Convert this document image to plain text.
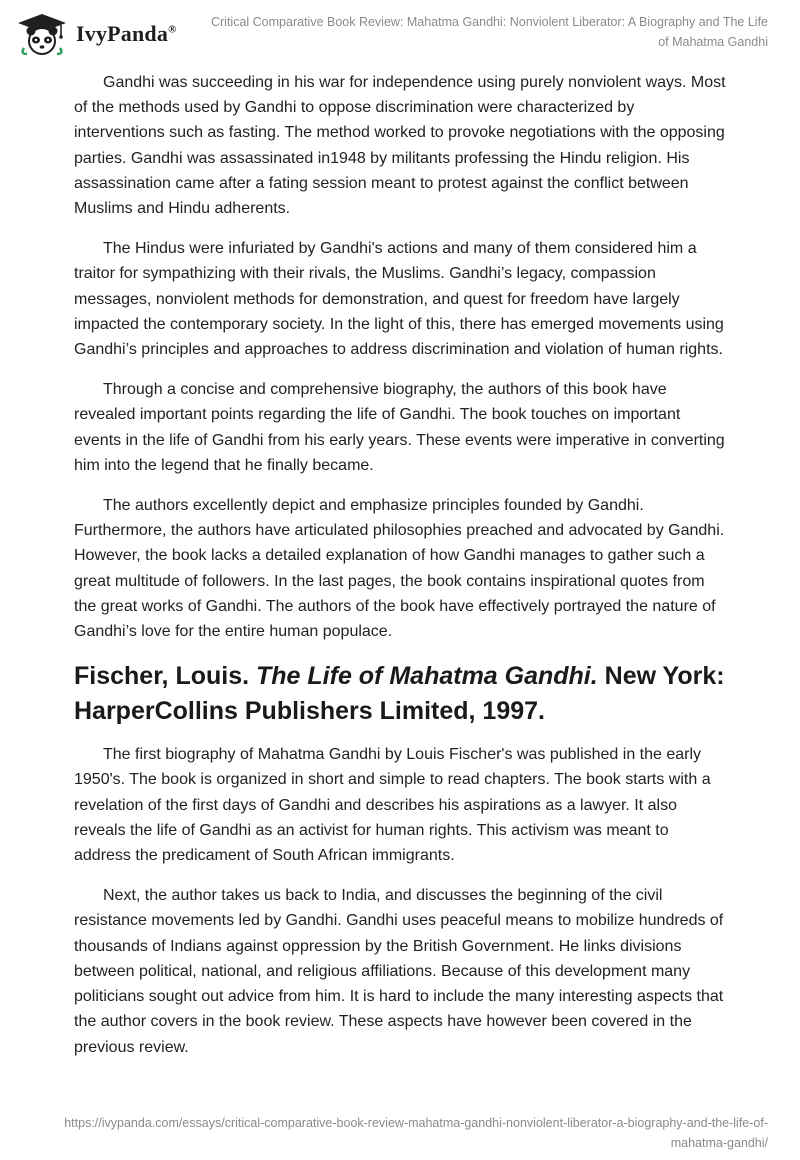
IvyPanda®
Critical Comparative Book Review: Mahatma Gandhi: Nonviolent Liberator: A Biography and The Life of Mahatma Gandhi

Gandhi was succeeding in his war for independence using purely nonviolent ways. Most of the methods used by Gandhi to oppose discrimination were characterized by interventions such as fasting. The method worked to provoke negotiations with the opposing parties. Gandhi was assassinated in1948 by militants professing the Hindu religion. His assassination came after a fating session meant to protest against the conflict between Muslims and Hindu adherents.

The Hindus were infuriated by Gandhi's actions and many of them considered him a traitor for sympathizing with their rivals, the Muslims. Gandhi’s legacy, compassion messages, nonviolent methods for demonstration, and quest for freedom have largely impacted the contemporary society. In the light of this, there has emerged movements using Gandhi’s principles and approaches to address discrimination and violation of human rights.

Through a concise and comprehensive biography, the authors of this book have revealed important points regarding the life of Gandhi. The book touches on important events in the life of Gandhi from his early years. These events were imperative in converting him into the legend that he finally became.

The authors excellently depict and emphasize principles founded by Gandhi. Furthermore, the authors have articulated philosophies preached and advocated by Gandhi. However, the book lacks a detailed explanation of how Gandhi manages to gather such a great multitude of followers. In the last pages, the book contains inspirational quotes from the great works of Gandhi. The authors of the book have effectively portrayed the nature of Gandhi’s love for the entire human populace.

Fischer, Louis. The Life of Mahatma Gandhi. New York: HarperCollins Publishers Limited, 1997.

The first biography of Mahatma Gandhi by Louis Fischer's was published in the early 1950's. The book is organized in short and simple to read chapters. The book starts with a revelation of the first days of Gandhi and describes his aspirations as a lawyer. It also reveals the life of Gandhi as an activist for human rights. This activism was meant to address the predicament of South African immigrants.

Next, the author takes us back to India, and discusses the beginning of the civil resistance movements led by Gandhi. Gandhi uses peaceful means to mobilize hundreds of thousands of Indians against oppression by the British Government. He links divisions between political, national, and religious affiliations. Because of this development many politicians sought out advice from him. It is hard to include the many interesting aspects that the author covers in the book review. These aspects have however been covered in the previous review.

https://ivypanda.com/essays/critical-comparative-book-review-mahatma-gandhi-nonviolent-liberator-a-biography-and-the-life-of-mahatma-gandhi/
